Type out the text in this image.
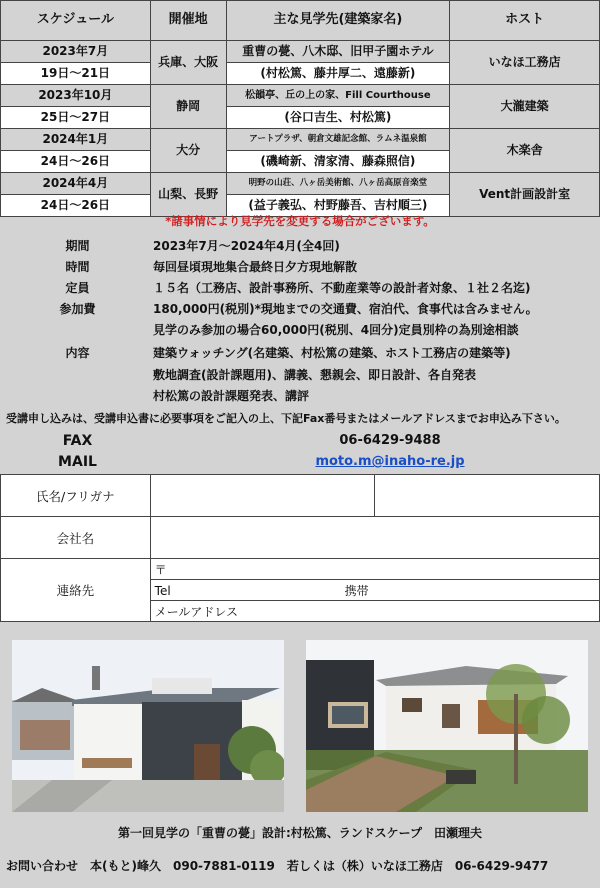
スケジュール	開催地	主な見学先(建築家名)	ホスト
2023年7月	兵庫、大阪	重曹の甍、八木邸、旧甲子園ホテル	いなほ工務店
19日～21日		(村松篤、藤井厚二、遠藤新)	
2023年10月	静岡	松韻亭、丘の上の家、Fill Courthouse	大瀧建築
25日～27日		(谷口吉生、村松篤)	
2024年1月	大分	アートプラザ、朝倉文雄記念館、ラムネ温泉館	木楽舎
24日～26日		(磯崎新、清家清、藤森照信)	
2024年4月	山梨、長野	明野の山荘、八ヶ岳美術館、八ヶ岳高原音楽堂	Vent計画設計室
24日～26日		(益子義弘、村野藤吾、吉村順三)	
*諸事情により見学先を変更する場合がございます。
期間	2023年7月～2024年4月(全4回)
時間	毎回昼頃現地集合最終日夕方現地解散
定員	１５名（工務店、設計事務所、不動産業等の設計者対象、１社２名迄)
参加費	180,000円(税別)*現地までの交通費、宿泊代、食事代は含みません。
見学のみ参加の場合60,000円(税別、4回分)定員別枠の為別途相談
内容	建築ウォッチング(名建築、村松篤の建築、ホスト工務店の建築等)
敷地調査(設計課題用)、講義、懇親会、即日設計、各自発表
村松篤の設計課題発表、講評
受講申し込みは、受講申込書に必要事項をご記入の上、下記Fax番号またはメールアドレスまでお申込み下さい。
FAX	06-6429-9488
MAIL	moto.m@inaho-re.jp
氏名/フリガナ		
会社名		
連絡先	〒	
	Tel 携帯	
	メールアドレス	
第一回見学の「重曹の甍」設計:村松篤、ランドスケープ　田瀬理夫
お問い合わせ 本(もと)峰久 090-7881-0119 若しくは（株）いなほ工務店 06-6429-9477
